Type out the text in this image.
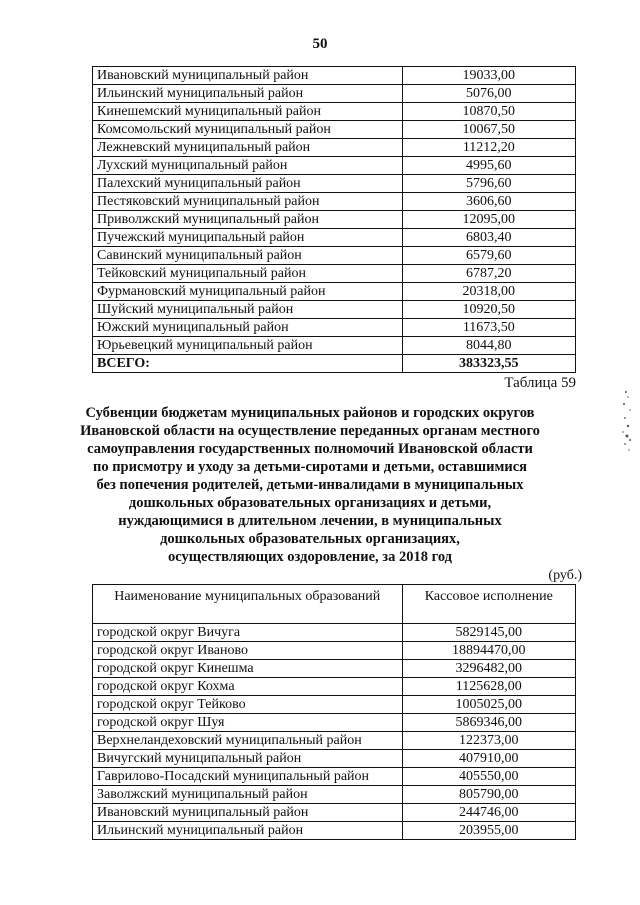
50
Ивановский муниципальный район	19033,00
Ильинский муниципальный район	5076,00
Кинешемский муниципальный район	10870,50
Комсомольский муниципальный район	10067,50
Лежневский муниципальный район	11212,20
Лухский муниципальный район	4995,60
Палехский муниципальный район	5796,60
Пестяковский муниципальный район	3606,60
Приволжский муниципальный район	12095,00
Пучежский муниципальный район	6803,40
Савинский муниципальный район	6579,60
Тейковский муниципальный район	6787,20
Фурмановский муниципальный район	20318,00
Шуйский муниципальный район	10920,50
Южский муниципальный район	11673,50
Юрьевецкий муниципальный район	8044,80
ВСЕГО:	383323,55
Таблица 59
Субвенции бюджетам муниципальных районов и городских округов
Ивановской области на осуществление переданных органам местного
самоуправления государственных полномочий Ивановской области
по присмотру и уходу за детьми-сиротами и детьми, оставшимися
без попечения родителей, детьми-инвалидами в муниципальных
дошкольных образовательных организациях и детьми,
нуждающимися в длительном лечении, в муниципальных
дошкольных образовательных организациях,
осуществляющих оздоровление, за 2018 год
(руб.)
Наименование муниципальных образований	Кассовое исполнение
городской округ Вичуга	5829145,00
городской округ Иваново	18894470,00
городской округ Кинешма	3296482,00
городской округ Кохма	1125628,00
городской округ Тейково	1005025,00
городской округ Шуя	5869346,00
Верхнеландеховский муниципальный район	122373,00
Вичугский муниципальный район	407910,00
Гаврилово-Посадский муниципальный район	405550,00
Заволжский муниципальный район	805790,00
Ивановский муниципальный район	244746,00
Ильинский муниципальный район	203955,00
